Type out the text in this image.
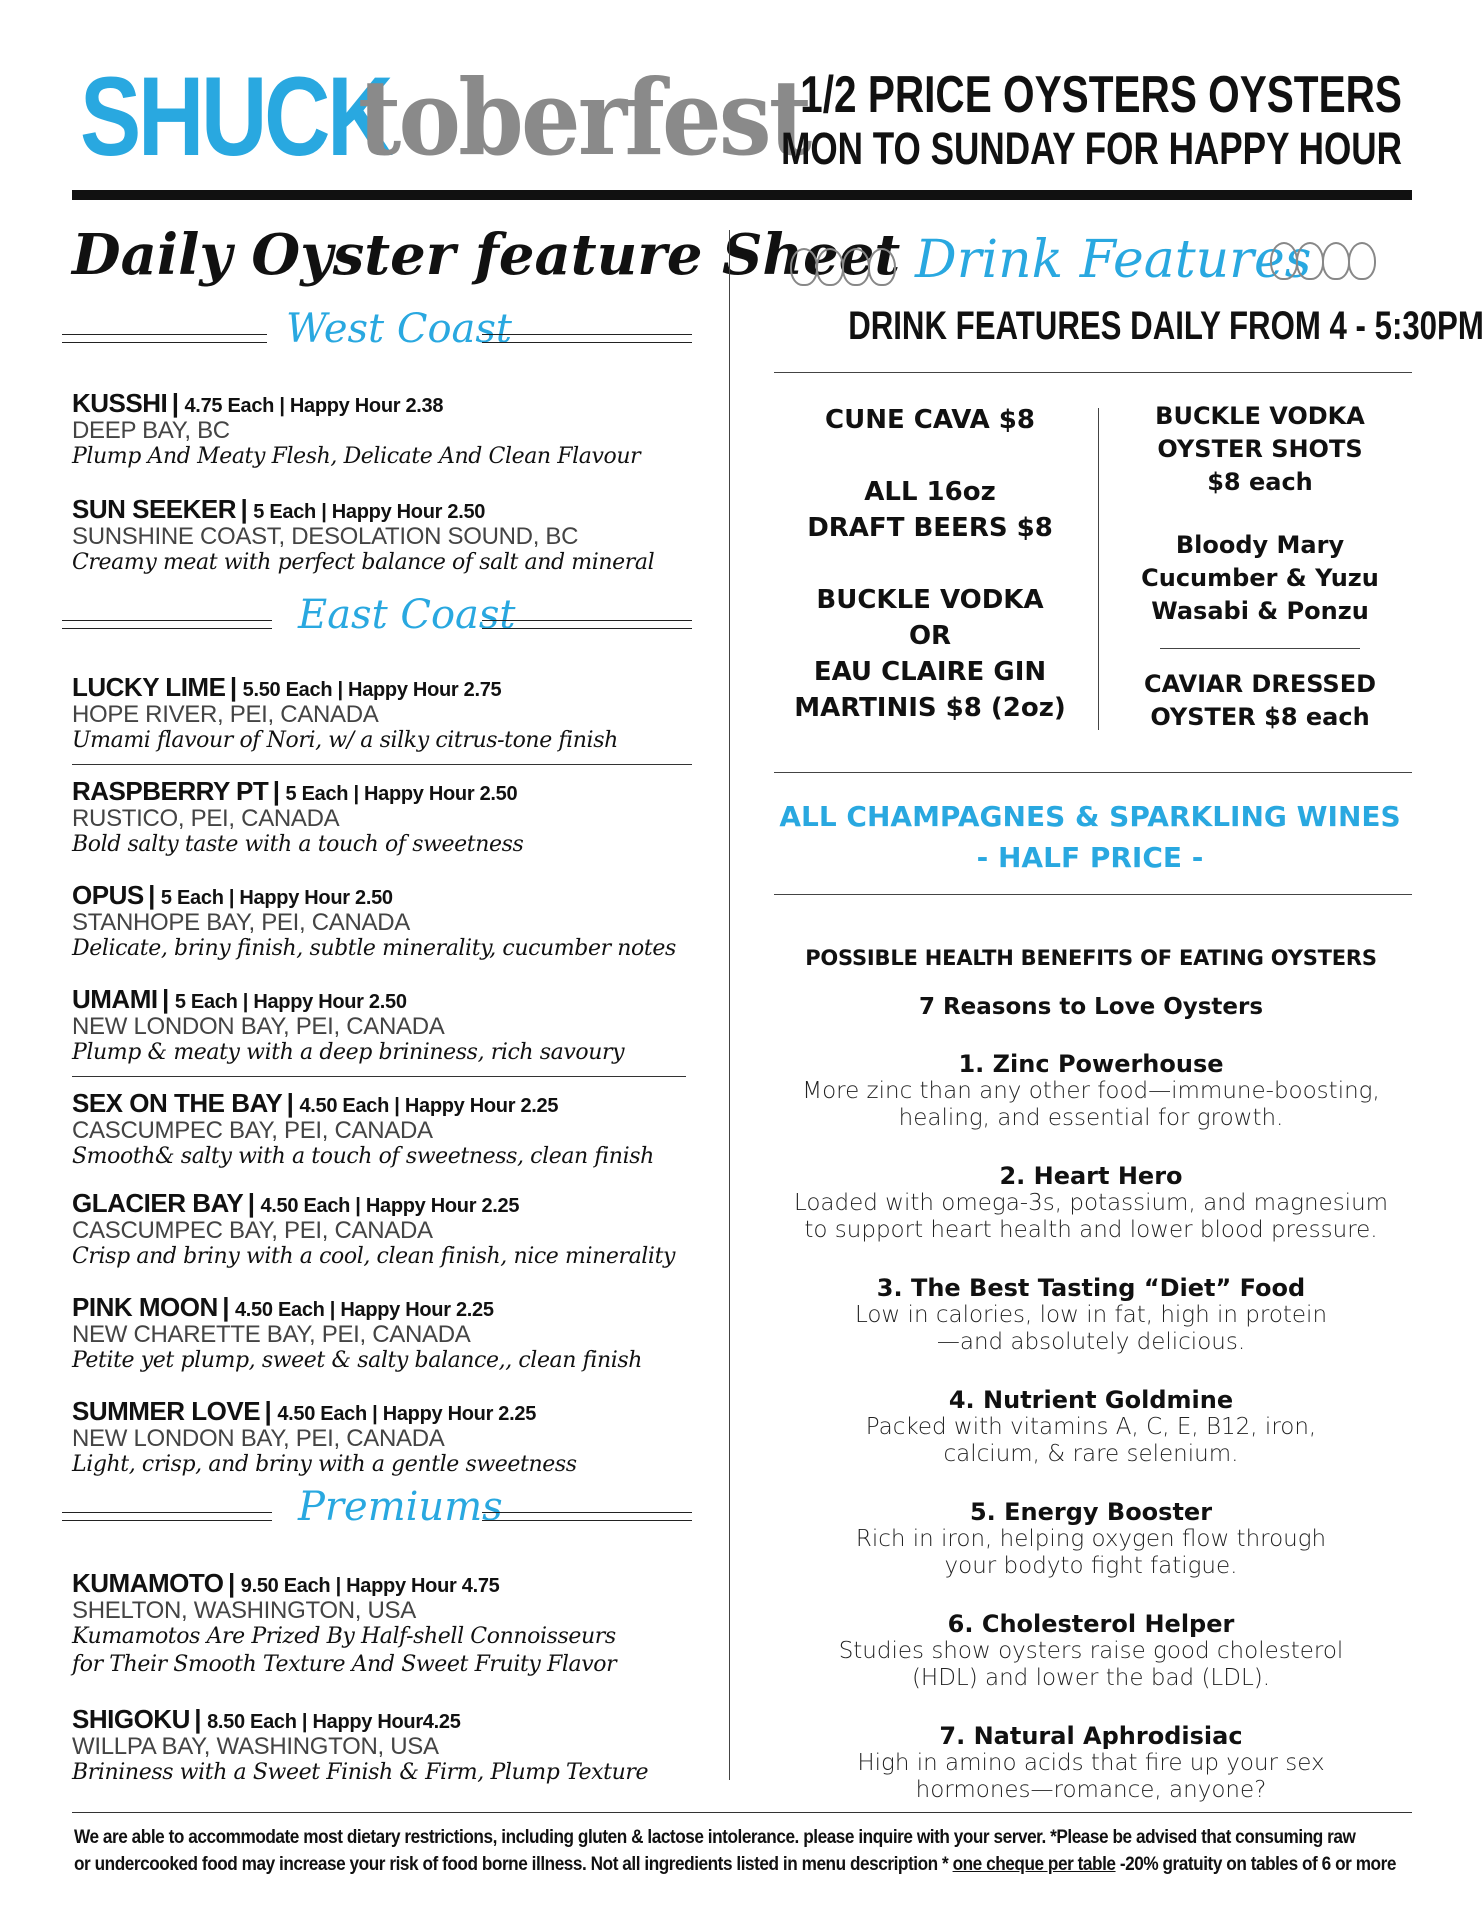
SHUCK
toberfest
1/2 PRICE OYSTERS OYSTERS
MON TO SUNDAY FOR HAPPY HOUR
Daily Oyster feature Sheet
West Coast
KUSSHI | 4.75 Each | Happy Hour 2.38
DEEP BAY, BC
Plump And Meaty Flesh, Delicate And Clean Flavour
SUN SEEKER | 5 Each | Happy Hour 2.50
SUNSHINE COAST, DESOLATION SOUND, BC
Creamy meat with perfect balance of salt and mineral
East Coast
LUCKY LIME | 5.50 Each | Happy Hour 2.75
HOPE RIVER, PEI, CANADA
Umami flavour of Nori, w/ a silky citrus-tone finish
RASPBERRY PT | 5 Each | Happy Hour 2.50
RUSTICO, PEI, CANADA
Bold salty taste with a touch of sweetness
OPUS | 5 Each | Happy Hour 2.50
STANHOPE BAY, PEI, CANADA
Delicate, briny finish, subtle minerality, cucumber notes
UMAMI | 5 Each | Happy Hour 2.50
NEW LONDON BAY, PEI, CANADA
Plump & meaty with a deep brininess, rich savoury
SEX ON THE BAY | 4.50 Each | Happy Hour 2.25
CASCUMPEC BAY, PEI, CANADA
Smooth& salty with a touch of sweetness, clean finish
GLACIER BAY | 4.50 Each | Happy Hour 2.25
CASCUMPEC BAY, PEI, CANADA
Crisp and briny with a cool, clean finish, nice minerality
PINK MOON | 4.50 Each | Happy Hour 2.25
NEW CHARETTE BAY, PEI, CANADA
Petite yet plump, sweet & salty balance,, clean finish
SUMMER LOVE | 4.50 Each | Happy Hour 2.25
NEW LONDON BAY, PEI, CANADA
Light, crisp, and briny with a gentle sweetness
Premiums
KUMAMOTO | 9.50 Each | Happy Hour 4.75
SHELTON, WASHINGTON, USA
Kumamotos Are Prized By Half-shell Connoisseurs
for Their Smooth Texture And Sweet Fruity Flavor
SHIGOKU | 8.50 Each | Happy Hour4.25
WILLPA BAY, WASHINGTON, USA
Brininess with a Sweet Finish & Firm, Plump Texture
Drink Features
DRINK FEATURES DAILY FROM 4 - 5:30PM

CUNE CAVA $8

ALL 16oz

DRAFT BEERS $8

BUCKLE VODKA

OR

EAU CLAIRE GIN

MARTINIS $8 (2oz)

BUCKLE VODKA

OYSTER SHOTS

$8 each

Bloody Mary

Cucumber & Yuzu

Wasabi & Ponzu

CAVIAR DRESSED

OYSTER $8 each

ALL CHAMPAGNES & SPARKLING WINES
- HALF PRICE -
POSSIBLE HEALTH BENEFITS OF EATING OYSTERS
7 Reasons to Love Oysters
1. Zinc Powerhouse
More zinc than any other food—immune-boosting,
healing, and essential for growth.
2. Heart Hero
Loaded with omega-3s, potassium, and magnesium
to support heart health and lower blood pressure.
3. The Best Tasting “Diet” Food
Low in calories, low in fat, high in protein
—and absolutely delicious.
4. Nutrient Goldmine
Packed with vitamins A, C, E, B12, iron,
calcium, & rare selenium.
5. Energy Booster
Rich in iron, helping oxygen flow through
your bodyto fight fatigue.
6. Cholesterol Helper
Studies show oysters raise good cholesterol
(HDL) and lower the bad (LDL).
7. Natural Aphrodisiac
High in amino acids that fire up your sex
hormones—romance, anyone?
We are able to accommodate most dietary restrictions, including gluten & lactose intolerance. please inquire with your server. *Please be advised that consuming raw
or undercooked food may increase your risk of food borne illness. Not all ingredients listed in menu description * one cheque per table -20% gratuity on tables of 6 or more
